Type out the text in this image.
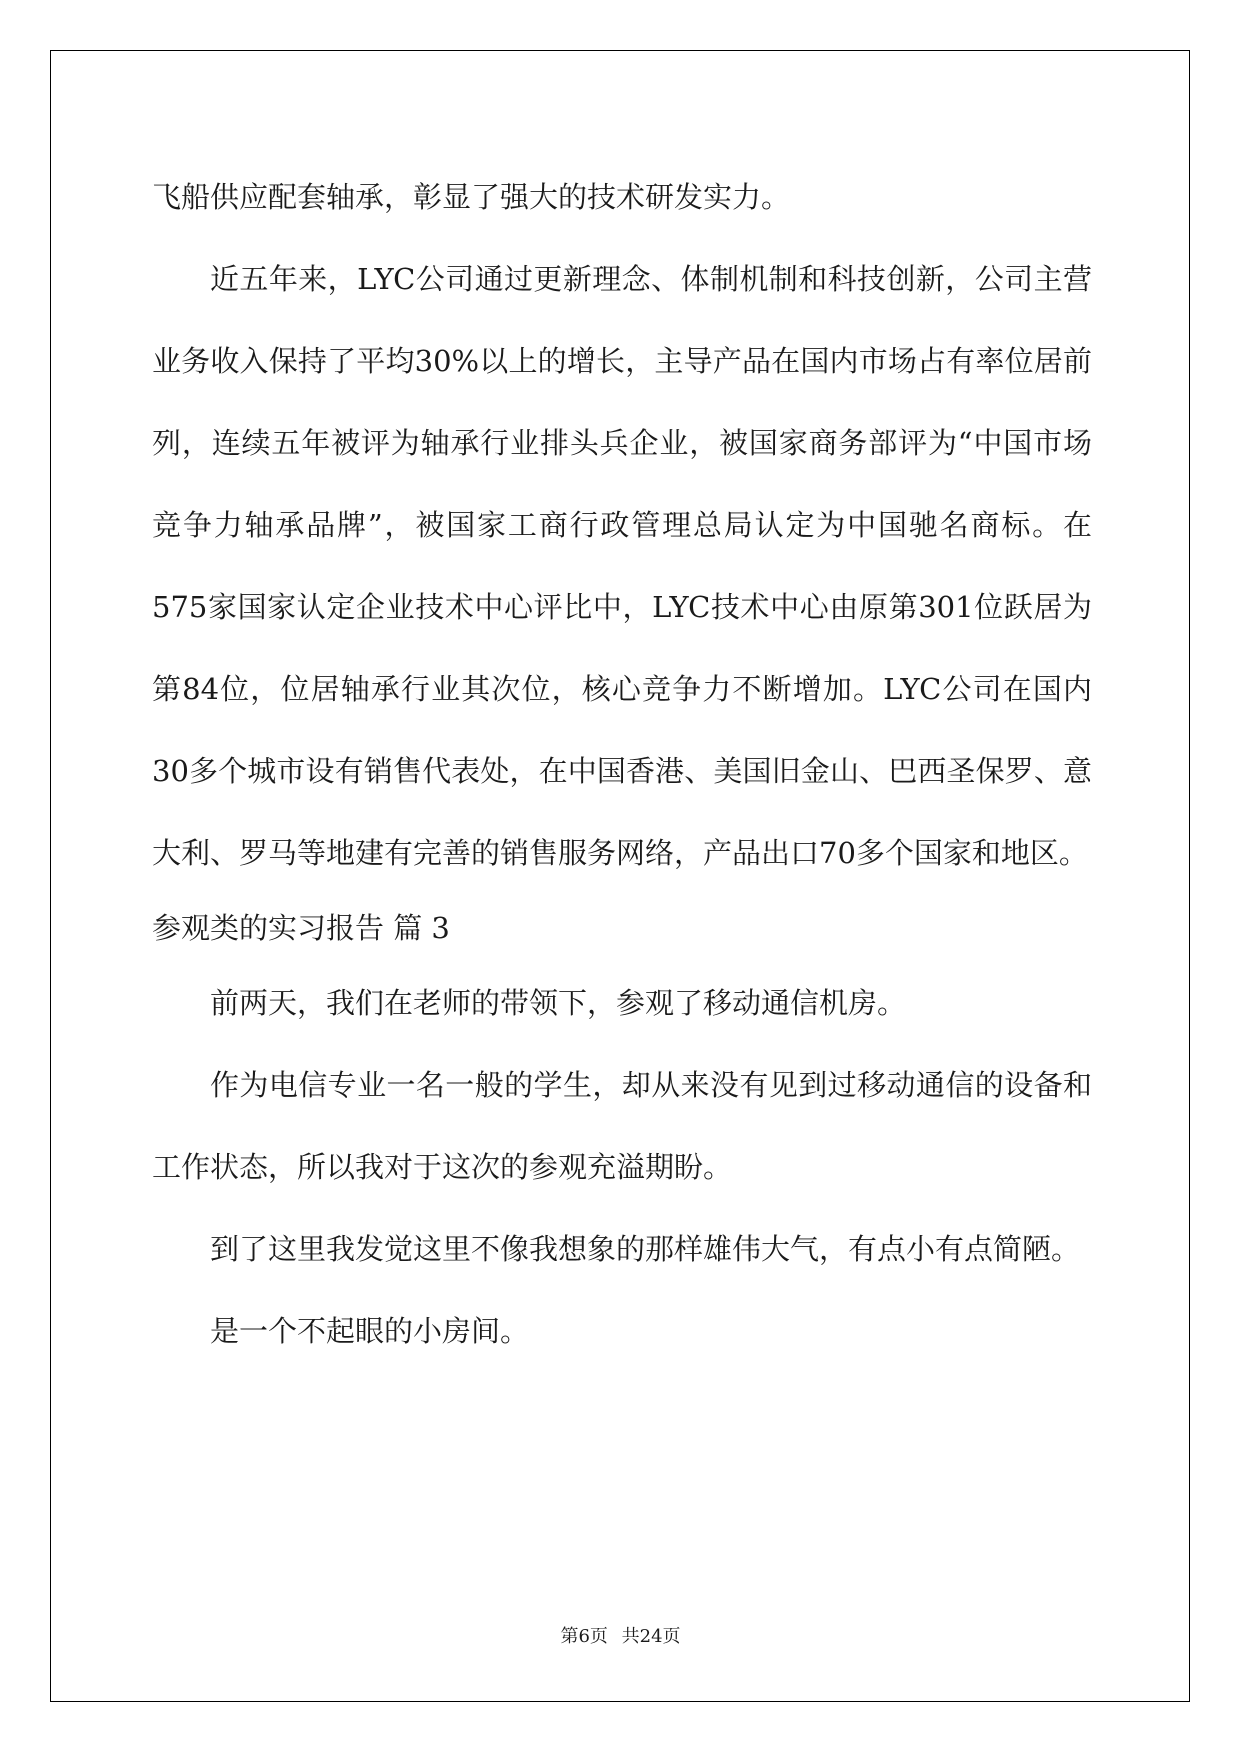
飞船供应配套轴承，彰显了强大的技术研发实力。

近五年来，LYC公司通过更新理念、体制机制和科技创新，公司主营业务收入保持了平均30%以上的增长，主导产品在国内市场占有率位居前列，连续五年被评为轴承行业排头兵企业，被国家商务部评为“中国市场竞争力轴承品牌”，被国家工商行政管理总局认定为中国驰名商标。在575家国家认定企业技术中心评比中，LYC技术中心由原第301位跃居为第84位，位居轴承行业其次位，核心竞争力不断增加。LYC公司在国内30多个城市设有销售代表处，在中国香港、美国旧金山、巴西圣保罗、意大利、罗马等地建有完善的销售服务网络，产品出口70多个国家和地区。

参观类的实习报告 篇 3

前两天，我们在老师的带领下，参观了移动通信机房。

作为电信专业一名一般的学生，却从来没有见到过移动通信的设备和工作状态，所以我对于这次的参观充溢期盼。

到了这里我发觉这里不像我想象的那样雄伟大气，有点小有点简陋。

是一个不起眼的小房间。

第6页 共24页
